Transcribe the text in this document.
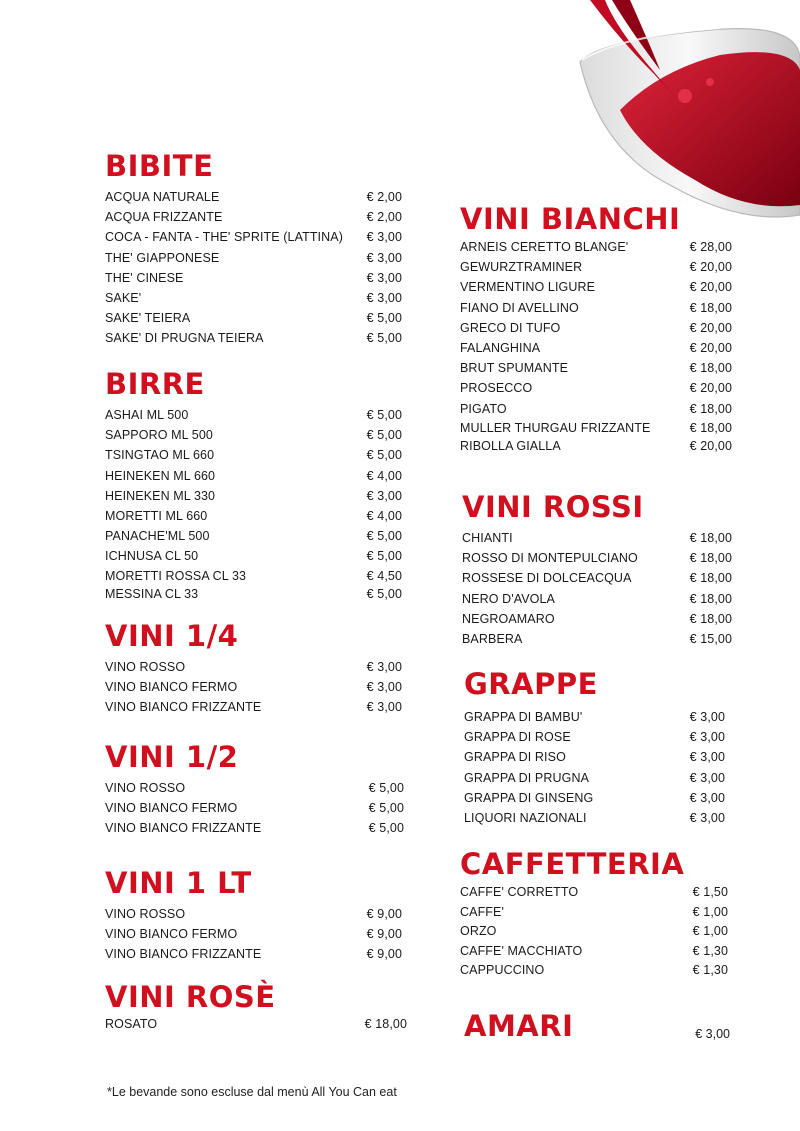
BIBITE
ACQUA NATURALE	€ 2,00
ACQUA FRIZZANTE	€ 2,00
COCA - FANTA - THE' SPRITE (LATTINA) € 3,00
THE' GIAPPONESE	€ 3,00
THE' CINESE	€ 3,00
SAKE'	€ 3,00
SAKE' TEIERA	€ 5,00
SAKE' DI PRUGNA TEIERA	€ 5,00
BIRRE
ASHAI ML 500	€ 5,00
SAPPORO ML 500	€ 5,00
TSINGTAO ML 660	€ 5,00
HEINEKEN ML 660	€ 4,00
HEINEKEN ML 330	€ 3,00
MORETTI ML 660	€ 4,00
PANACHE'ML 500	€ 5,00
ICHNUSA CL 50	€ 5,00
MORETTI ROSSA CL 33	€ 4,50
MESSINA CL 33	€ 5,00
VINI 1/4
VINO ROSSO	€ 3,00
VINO BIANCO FERMO	€ 3,00
VINO BIANCO FRIZZANTE	€ 3,00
VINI 1/2
VINO ROSSO	€ 5,00
VINO BIANCO FERMO	€ 5,00
VINO BIANCO FRIZZANTE	€ 5,00
VINI 1 LT
VINO ROSSO	€ 9,00
VINO BIANCO FERMO	€ 9,00
VINO BIANCO FRIZZANTE	€ 9,00
VINI ROSÈ
ROSATO	€ 18,00
VINI BIANCHI
ARNEIS CERETTO BLANGE'	€ 28,00
GEWURZTRAMINER	€ 20,00
VERMENTINO LIGURE	€ 20,00
FIANO DI AVELLINO	€ 18,00
GRECO DI TUFO	€ 20,00
FALANGHINA	€ 20,00
BRUT SPUMANTE	€ 18,00
PROSECCO	€ 20,00
PIGATO	€ 18,00
MULLER THURGAU FRIZZANTE	€ 18,00
RIBOLLA GIALLA	€ 20,00
VINI ROSSI
CHIANTI	€ 18,00
ROSSO DI MONTEPULCIANO	€ 18,00
ROSSESE DI DOLCEACQUA	€ 18,00
NERO D'AVOLA	€ 18,00
NEGROAMARO	€ 18,00
BARBERA	€ 15,00
GRAPPE
GRAPPA DI BAMBU'	€ 3,00
GRAPPA DI ROSE	€ 3,00
GRAPPA DI RISO	€ 3,00
GRAPPA DI PRUGNA	€ 3,00
GRAPPA DI GINSENG	€ 3,00
LIQUORI NAZIONALI	€ 3,00
CAFFETTERIA
CAFFE' CORRETTO	€ 1,50
CAFFE'	€ 1,00
ORZO	€ 1,00
CAFFE' MACCHIATO	€ 1,30
CAPPUCCINO	€ 1,30
AMARI	€ 3,00
*Le bevande sono escluse dal menù All You Can eat
